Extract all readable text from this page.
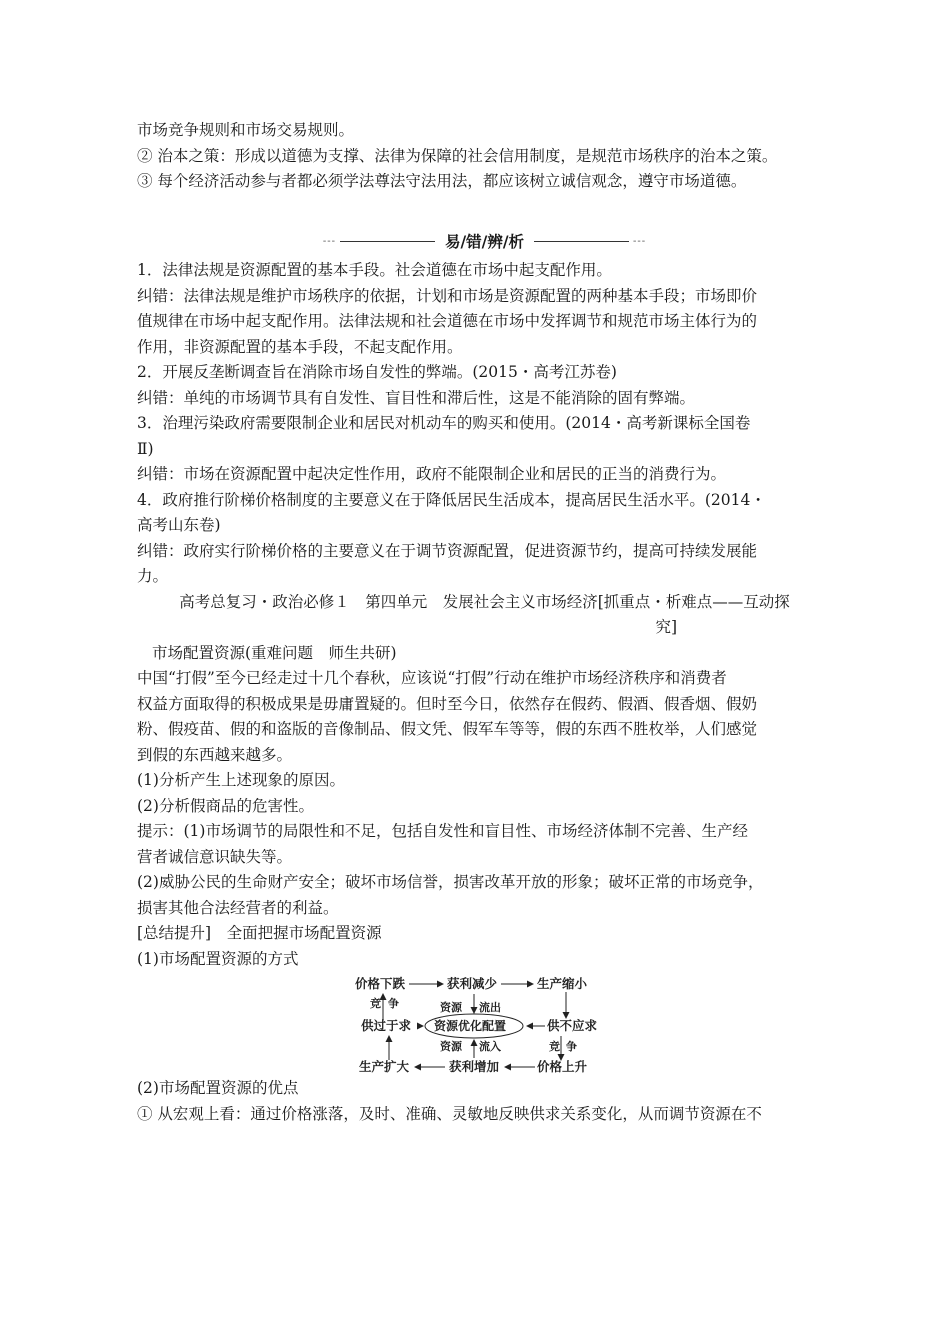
市场竞争规则和市场交易规则。
② 治本之策：形成以道德为支撑、法律为保障的社会信用制度，是规范市场秩序的治本之策。
③ 每个经济活动参与者都必须学法尊法守法用法，都应该树立诚信观念，遵守市场道德。
---	易/错/辨/析	---
1．法律法规是资源配置的基本手段。社会道德在市场中起支配作用。
纠错：法律法规是维护市场秩序的依据，计划和市场是资源配置的两种基本手段；市场即价
值规律在市场中起支配作用。法律法规和社会道德在市场中发挥调节和规范市场主体行为的
作用，非资源配置的基本手段，不起支配作用。
2．开展反垄断调查旨在消除市场自发性的弊端。(2015・高考江苏卷)
纠错：单纯的市场调节具有自发性、盲目性和滞后性，这是不能消除的固有弊端。
3．治理污染政府需要限制企业和居民对机动车的购买和使用。(2014・高考新课标全国卷
Ⅱ)
纠错：市场在资源配置中起决定性作用，政府不能限制企业和居民的正当的消费行为。
4．政府推行阶梯价格制度的主要意义在于降低居民生活成本，提高居民生活水平。(2014・
高考山东卷)
纠错：政府实行阶梯价格的主要意义在于调节资源配置，促进资源节约，提高可持续发展能
力。
高考总复习・政治必修１　第四单元　发展社会主义市场经济[抓重点・析难点——互动探
究]
市场配置资源(重难问题　师生共研)
中国“打假”至今已经走过十几个春秋，应该说“打假”行动在维护市场经济秩序和消费者
权益方面取得的积极成果是毋庸置疑的。但时至今日，依然存在假药、假酒、假香烟、假奶
粉、假疫苗、假的和盗版的音像制品、假文凭、假军车等等，假的东西不胜枚举，人们感觉
到假的东西越来越多。
(1)分析产生上述现象的原因。
(2)分析假商品的危害性。
提示：(1)市场调节的局限性和不足，包括自发性和盲目性、市场经济体制不完善、生产经
营者诚信意识缺失等。
(2)威胁公民的生命财产安全；破坏市场信誉，损害改革开放的形象；破坏正常的市场竞争，
损害其他合法经营者的利益。
[总结提升]　全面把握市场配置资源
(1)市场配置资源的方式
价格下跌	获利减少	生产缩小
竞 争
供过于求 资源优化配置
资源 流出
资源 流入
供不应求
竞 争
生产扩大	获利增加	价格上升
(2)市场配置资源的优点
① 从宏观上看：通过价格涨落，及时、准确、灵敏地反映供求关系变化，从而调节资源在不
